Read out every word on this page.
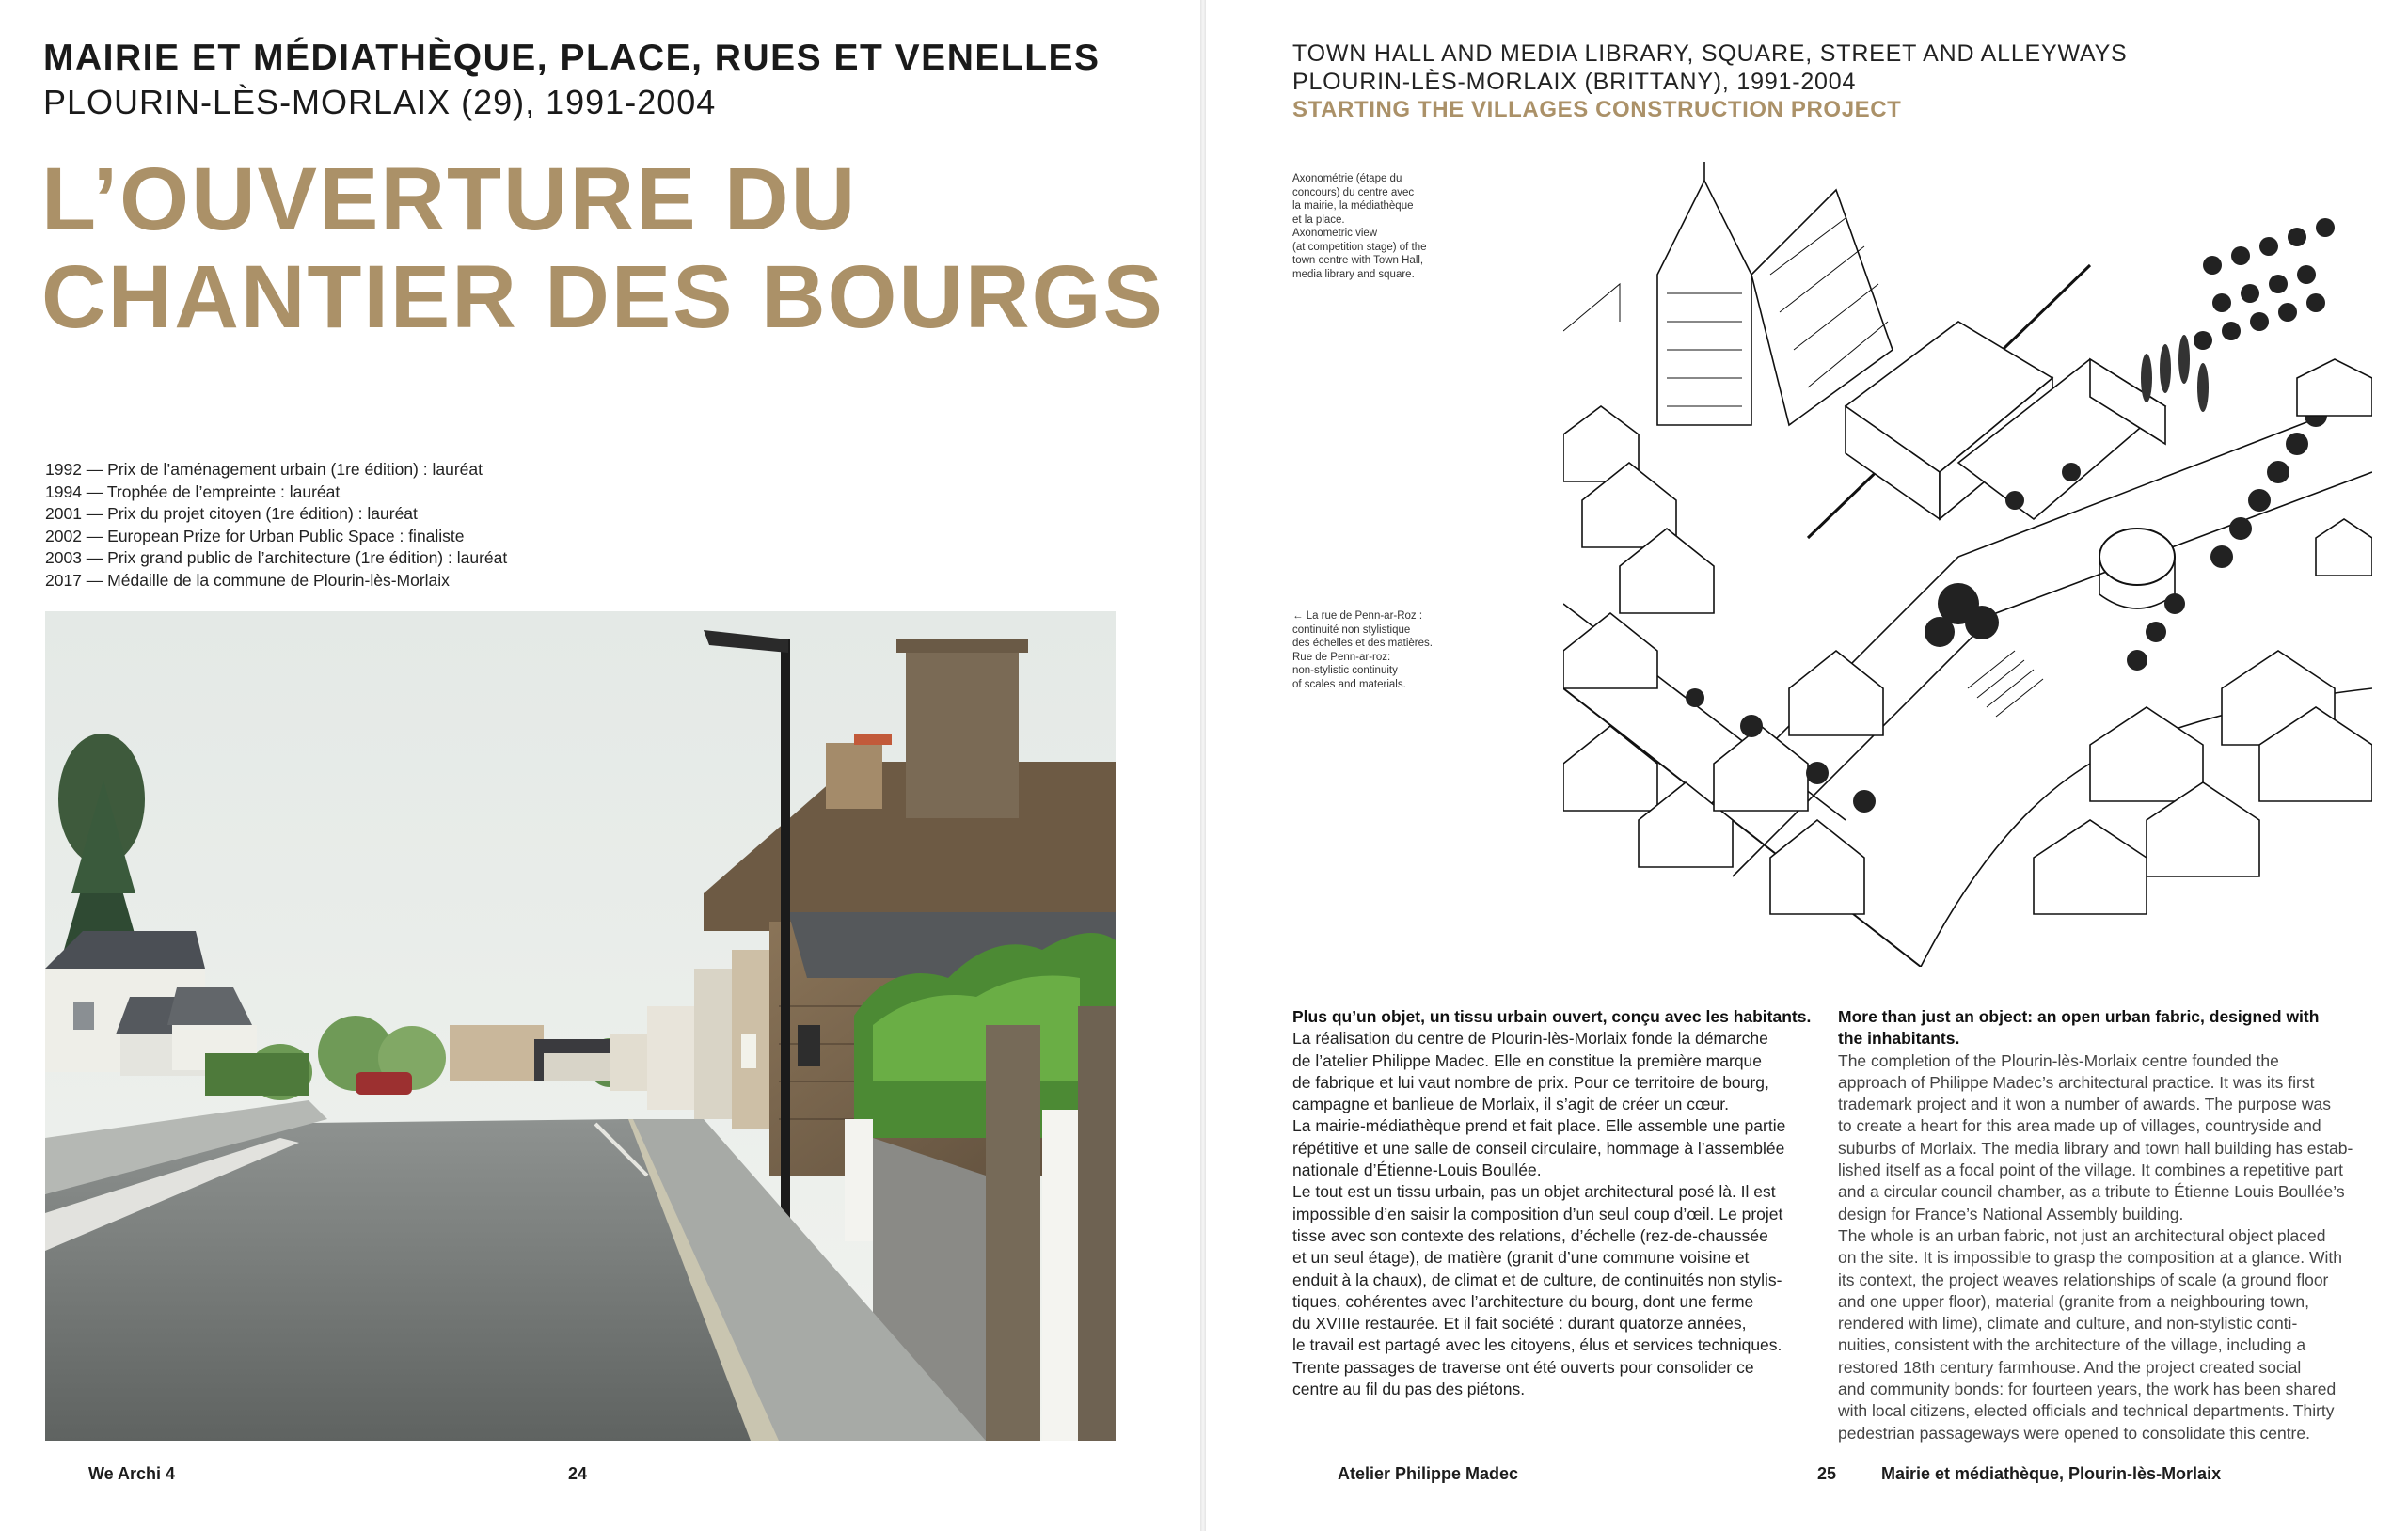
MAIRIE ET MÉDIATHÈQUE, PLACE, RUES ET VENELLES
PLOURIN-LÈS-MORLAIX (29), 1991-2004
L’OUVERTURE DU
CHANTIER DES BOURGS
1992 — Prix de l’aménagement urbain (1re édition) : lauréat
1994 — Trophée de l’empreinte : lauréat
2001 — Prix du projet citoyen (1re édition) : lauréat
2002 — European Prize for Urban Public Space : finaliste
2003 — Prix grand public de l’architecture (1re édition) : lauréat
2017 — Médaille de la commune de Plourin-lès-Morlaix
We Archi 4	24
TOWN HALL AND MEDIA LIBRARY, SQUARE, STREET AND ALLEYWAYS
PLOURIN-LÈS-MORLAIX (BRITTANY), 1991-2004
STARTING THE VILLAGES CONSTRUCTION PROJECT
Axonométrie (étape du
concours) du centre avec
la mairie, la médiathèque
et la place.
Axonometric view
(at competition stage) of the
town centre with Town Hall,
media library and square.
← La rue de Penn-ar-Roz :
continuité non stylistique
des échelles et des matières.
Rue de Penn-ar-roz:
non-stylistic continuity
of scales and materials.
Plus qu’un objet, un tissu urbain ouvert, conçu avec les habitants.
La réalisation du centre de Plourin-lès-Morlaix fonde la démarche
de l’atelier Philippe Madec. Elle en constitue la première marque
de fabrique et lui vaut nombre de prix. Pour ce territoire de bourg,
campagne et banlieue de Morlaix, il s’agit de créer un cœur.
La mairie-médiathèque prend et fait place. Elle assemble une partie
répétitive et une salle de conseil circulaire, hommage à l’assemblée
nationale d’Étienne-Louis Boullée.
Le tout est un tissu urbain, pas un objet architectural posé là. Il est
impossible d’en saisir la composition d’un seul coup d’œil. Le projet
tisse avec son contexte des relations, d’échelle (rez-de-chaussée
et un seul étage), de matière (granit d’une commune voisine et
enduit à la chaux), de climat et de culture, de continuités non stylis-
tiques, cohérentes avec l’architecture du bourg, dont une ferme
du XVIIIe restaurée. Et il fait société : durant quatorze années,
le travail est partagé avec les citoyens, élus et services techniques.
Trente passages de traverse ont été ouverts pour consolider ce
centre au fil du pas des piétons.
More than just an object: an open urban fabric, designed with
the inhabitants.
The completion of the Plourin-lès-Morlaix centre founded the
approach of Philippe Madec’s architectural practice. It was its first
trademark project and it won a number of awards. The purpose was
to create a heart for this area made up of villages, countryside and
suburbs of Morlaix. The media library and town hall building has estab-
lished itself as a focal point of the village. It combines a repetitive part
and a circular council chamber, as a tribute to Étienne Louis Boullée’s
design for France’s National Assembly building.
The whole is an urban fabric, not just an architectural object placed
on the site. It is impossible to grasp the composition at a glance. With
its context, the project weaves relationships of scale (a ground floor
and one upper floor), material (granite from a neighbouring town,
rendered with lime), climate and culture, and non-stylistic conti-
nuities, consistent with the architecture of the village, including a
restored 18th century farmhouse. And the project created social
and community bonds: for fourteen years, the work has been shared
with local citizens, elected officials and technical departments. Thirty
pedestrian passageways were opened to consolidate this centre.
Atelier Philippe Madec	25	Mairie et médiathèque, Plourin-lès-Morlaix
